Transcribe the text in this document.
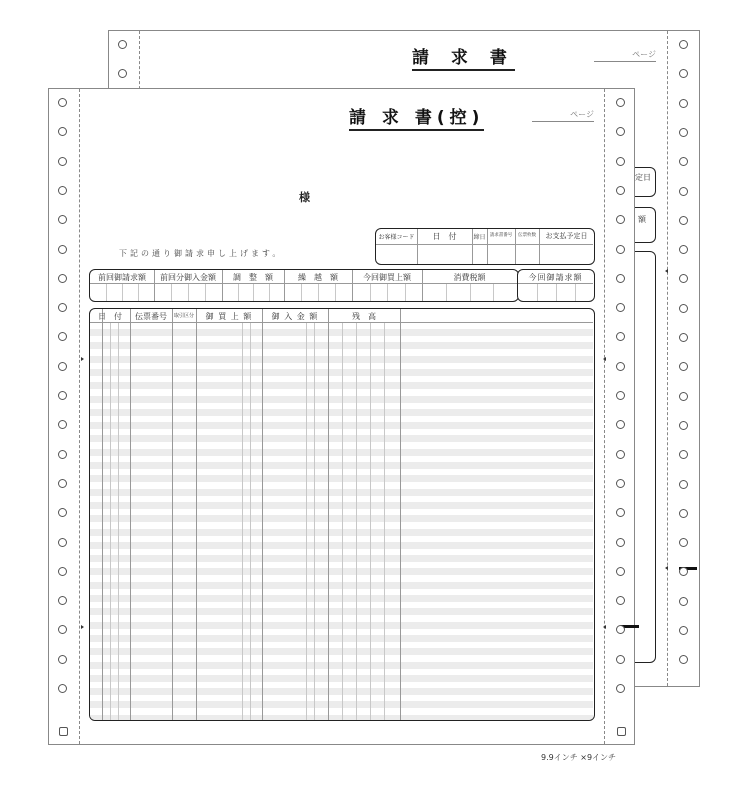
請 求 書	ページ
定日
額
請 求 書(控)	ページ
様
下記の通り御請求申し上げます。
お客様コード	日　付	締日 請求書番号	伝票枚数	お支払予定日
前回御請求額	前回分御入金額	調　整　額	繰　越　額	今回御買上額	消費税額	今回御請求額
日　付	伝票番号	取引区分	御 買 上 額	御 入 金 額	残　高
9.9インチ ×9インチ
